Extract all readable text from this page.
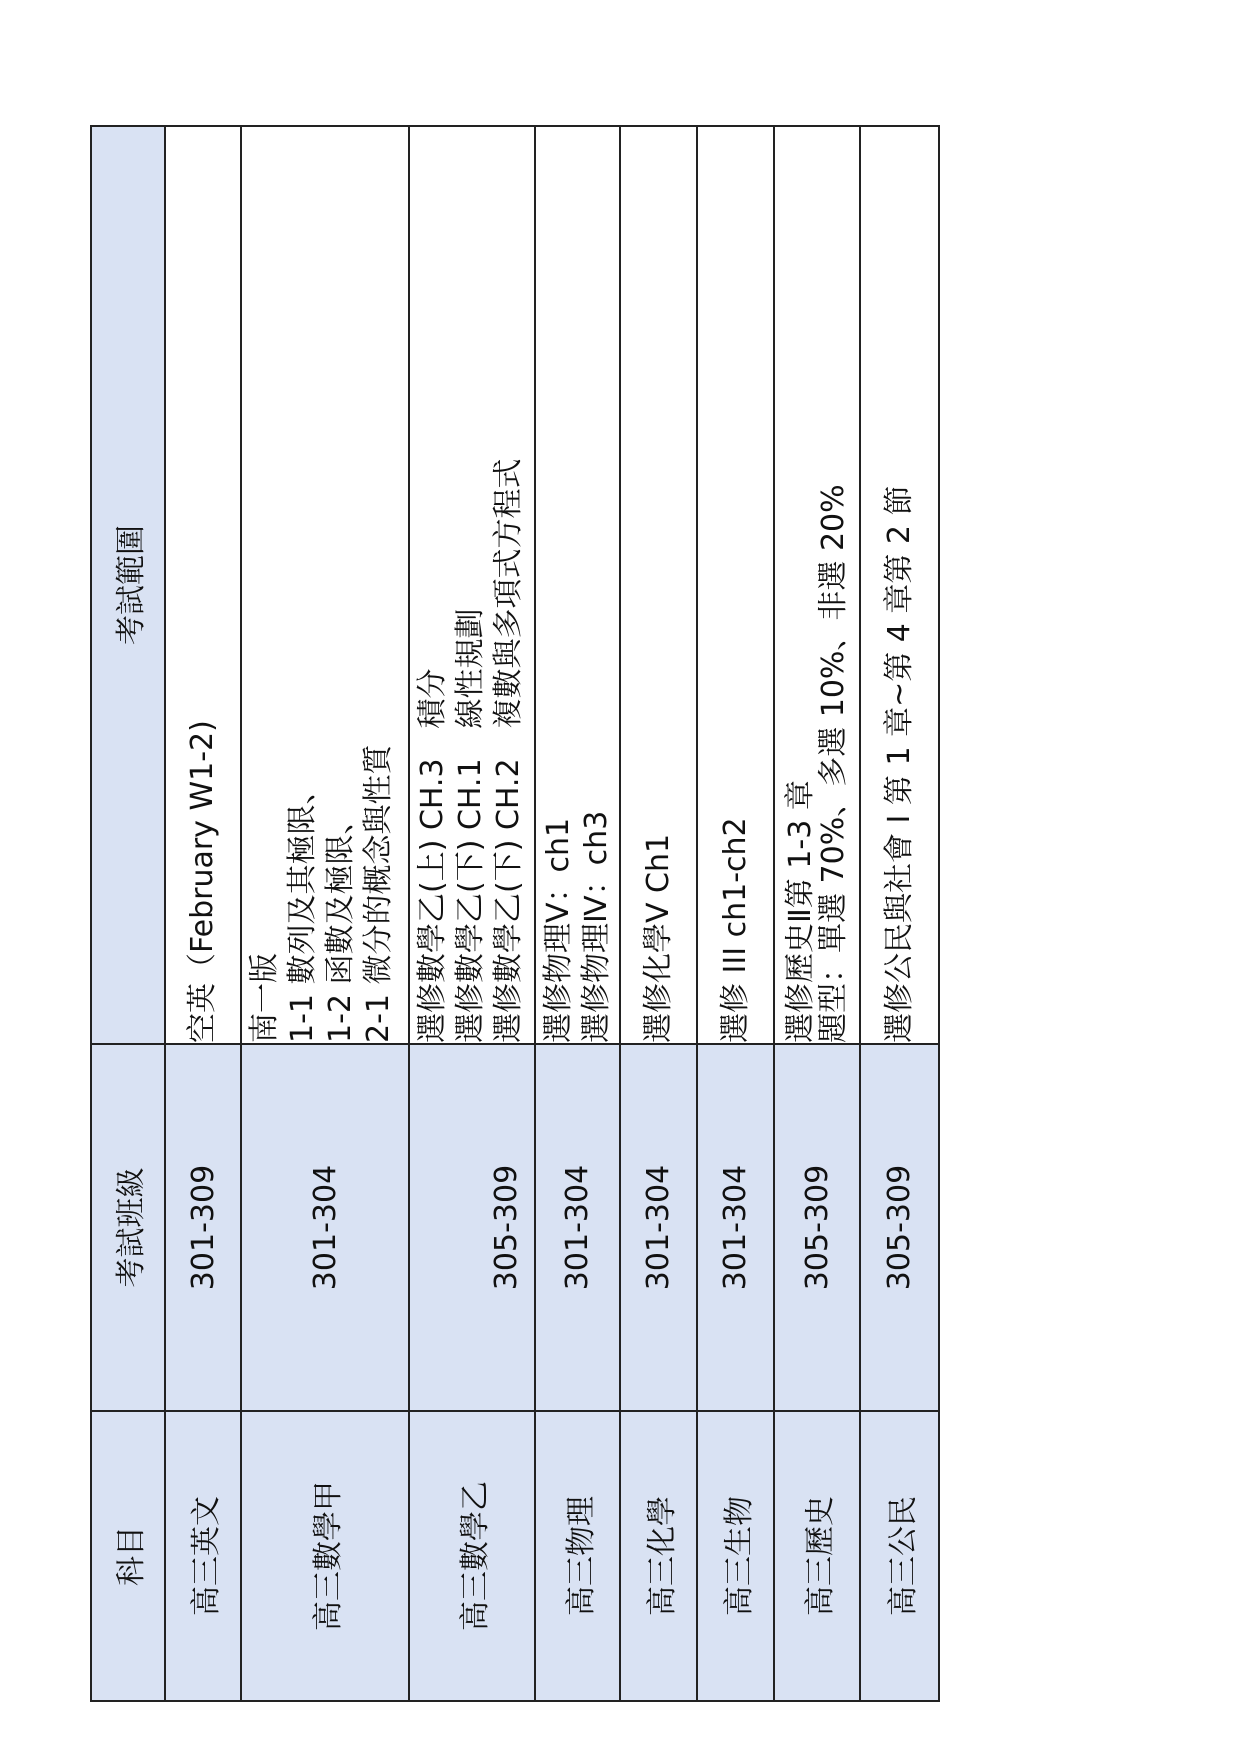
科目	考試班級	考試範圍
高三英文	301-309	空英（February W1-2)

高三數學甲	301-304	南一版 1-1 數列及其極限、 1-2 函數及極限、 2-1 微分的概念與性質

高三數學乙	305-309	選修數學乙(上) CH.3　積分 選修數學乙(下) CH.1　線性規劃 選修數學乙(下) CH.2　複數與多項式方程式

高三物理	301-304	選修物理Ⅴ：ch1 選修物理Ⅳ：ch3

高三化學	301-304	選修化學Ⅴ Ch1

高三生物	301-304	選修 III ch1-ch2

高三歷史	305-309	選修歷史Ⅱ第 1-3 章
題型：單選 70%、多選 10%、非選 20%

高三公民	305-309	選修公民與社會 I 第 1 章~第 4 章第 2 節
